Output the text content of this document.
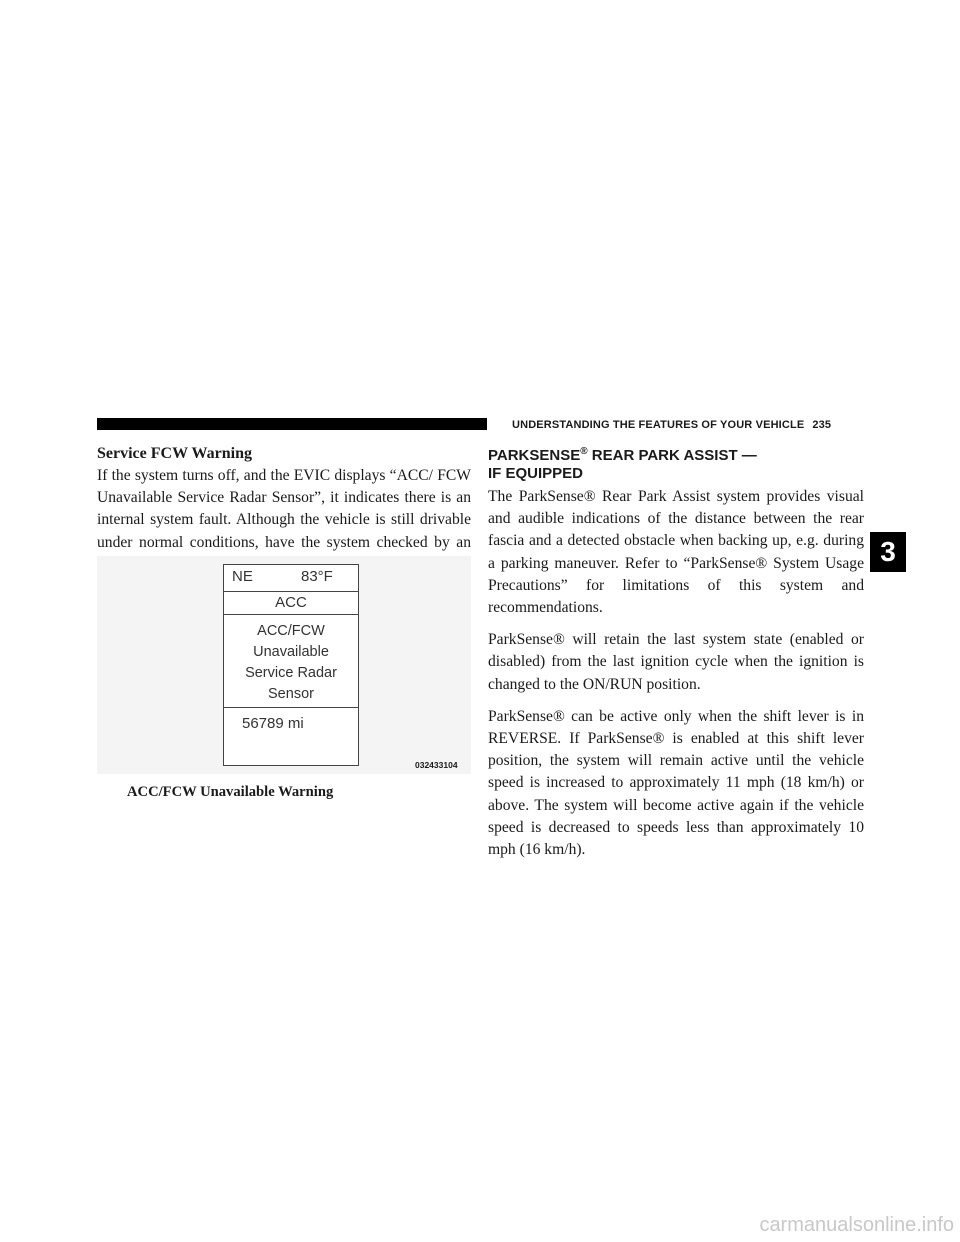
UNDERSTANDING THE FEATURES OF YOUR VEHICLE 235
Service FCW Warning

If the system turns off, and the EVIC displays “ACC/ FCW Unavailable Service Radar Sensor”, it indicates there is an internal system fault. Although the vehicle is still drivable under normal conditions, have the system checked by an

NE	83°F
ACC
ACC/FCW
Unavailable
Service Radar
Sensor
56789 mi
032433104
ACC/FCW Unavailable Warning
PARKSENSE® REAR PARK ASSIST —
IF EQUIPPED

The ParkSense® Rear Park Assist system provides visual and audible indications of the distance between the rear fascia and a detected obstacle when backing up, e.g. during a parking maneuver. Refer to “ParkSense® System Usage Precautions” for limitations of this system and recommendations.

ParkSense® will retain the last system state (enabled or disabled) from the last ignition cycle when the ignition is changed to the ON/RUN position.

ParkSense® can be active only when the shift lever is in REVERSE. If ParkSense® is enabled at this shift lever position, the system will remain active until the vehicle speed is increased to approximately 11 mph (18 km/h) or above. The system will become active again if the vehicle speed is decreased to speeds less than approximately 10 mph (16 km/h).

3
carmanualsonline.info
